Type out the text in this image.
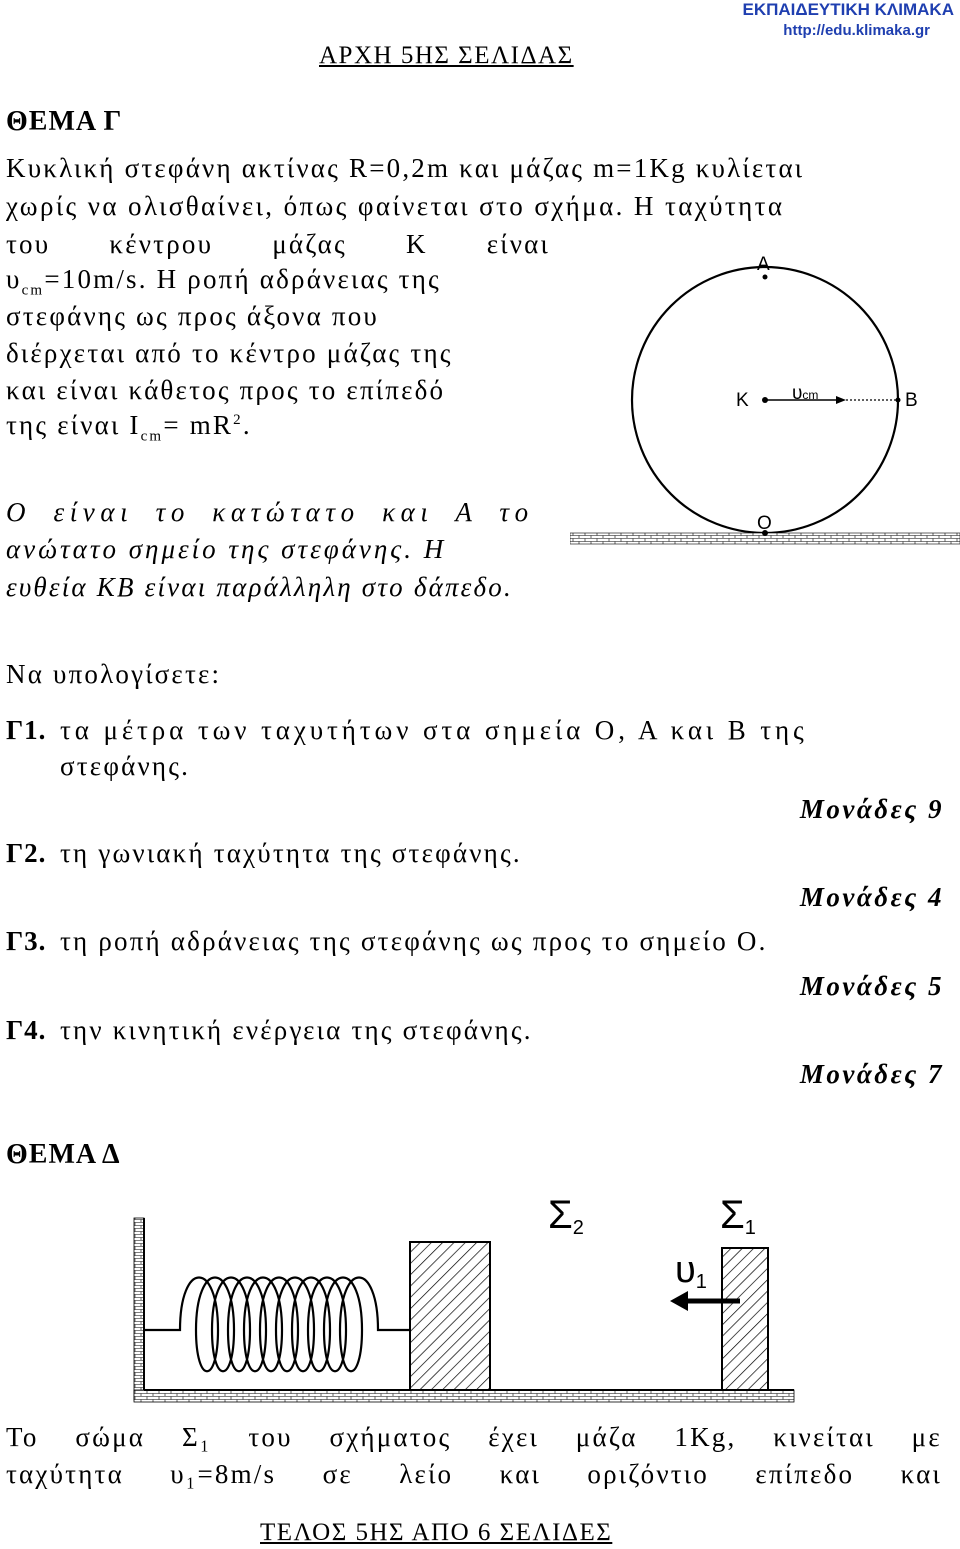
ΕΚΠΑΙΔΕΥΤΙΚΗ ΚΛΙΜΑΚΑ
http://edu.klimaka.gr
ΑΡΧΗ 5ΗΣ ΣΕΛΙΔΑΣ
ΘΕΜΑ Γ
Κυκλική στεφάνη ακτίνας R=0,2m και μάζας m=1Kg κυλίεται
χωρίς να ολισθαίνει, όπως φαίνεται στο σχήμα. Η ταχύτητα
του κέντρου μάζας Κ είναι
$\upsilon_{cm}=10m/s$. Η ροπή αδράνειας της
στεφάνης ως προς άξονα που
διέρχεται από το κέντρο μάζας της
και είναι κάθετος προς το επίπεδό
της είναι $I_{cm}= mR^2$.
Ο είναι το κατώτατο και Α το
ανώτατο σημείο της στεφάνης. Η
ευθεία ΚΒ είναι παράλληλη στο δάπεδο.
A
K	B
O
υcm
Να υπολογίσετε:
Γ1. τα μέτρα των ταχυτήτων στα σημεία Ο, Α και Β της
στεφάνης.
Μονάδες 9
Γ2. τη γωνιακή ταχύτητα της στεφάνης.
Μονάδες 4
Γ3. τη ροπή αδράνειας της στεφάνης ως προς το σημείο Ο.
Μονάδες 5
Γ4. την κινητική ενέργεια της στεφάνης.
Μονάδες 7
ΘΕΜΑ Δ
Σ2	Σ1
υ1
Το σώμα Σ₁ του σχήματος έχει μάζα 1Kg, κινείται με
ταχύτητα υ₁=8m/s σε λείο και οριζόντιο επίπεδο και
ΤΕΛΟΣ 5ΗΣ ΑΠΟ 6 ΣΕΛΙΔΕΣ
